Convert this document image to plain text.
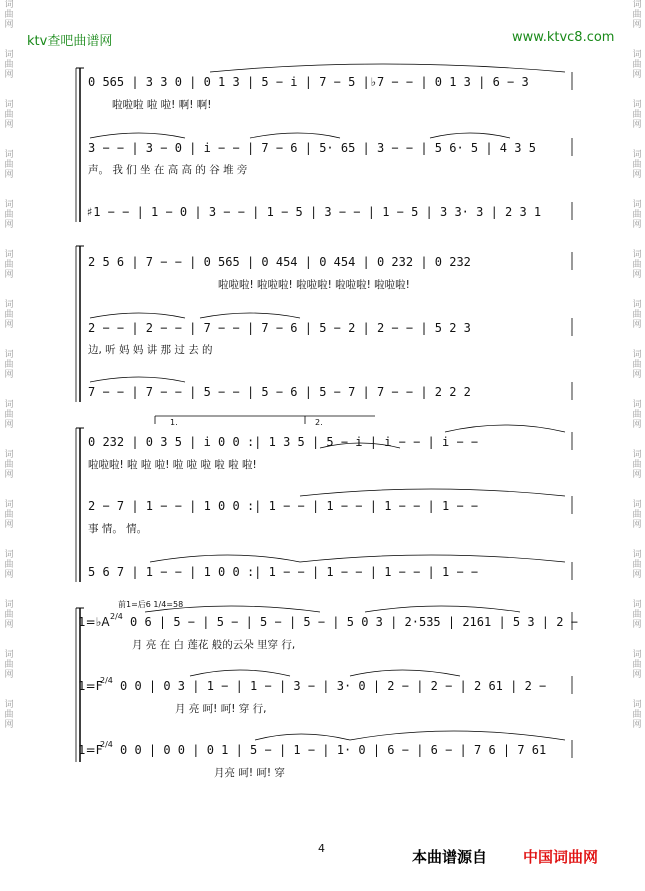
ktv查吧曲谱网	www.ktvc8.com
词
曲
网

词
曲
网

词
曲
网

词
曲
网

词
曲
网

词
曲
网

词
曲
网

词
曲
网

词
曲
网

词
曲
网

词
曲
网

词
曲
网

词
曲
网

词
曲
网

词
曲
网

词
曲
网

词
曲
网

词
曲
网

词
曲
网

词
曲
网

词
曲
网

词
曲
网

词
曲
网

词
曲
网

词
曲
网

词
曲
网

词
曲
网

词
曲
网

词
曲
网

词
曲
网

0 565 | 3 3 0 | 0 1 3 | 5 − i | 7 − 5 |♭7 − − | 0 1 3 | 6 − 3
啦啦啦 啦 啦! 啊! 啊!
3 − − | 3 − 0 | i − − | 7 − 6 | 5· 65 | 3 − − | 5 6· 5 | 4 3 5
声。 我 们 坐 在 高 高 的 谷 堆 旁
♯1 − − | 1 − 0 | 3 − − | 1 − 5 | 3 − − | 1 − 5 | 3 3· 3 | 2 3 1
2 5 6 | 7 − − | 0 565 | 0 454 | 0 454 | 0 232 | 0 232
啦啦啦! 啦啦啦! 啦啦啦! 啦啦啦! 啦啦啦!
2 − − | 2 − − | 7 − − | 7 − 6 | 5 − 2 | 2 − − | 5 2 3
边, 听 妈 妈 讲 那 过 去 的
7 − − | 7 − − | 5 − − | 5 − 6 | 5 − 7 | 7 − − | 2 2 2
1.	2.
0 232 | 0 3 5 | i 0 0 :| 1 3 5 | 5 − i | i − − | i − −
啦啦啦! 啦 啦 啦! 啦 啦 啦 啦 啦 啦!
2 − 7 | 1 − − | 1 0 0 :| 1 − − | 1 − − | 1 − − | 1 − −
事 情。 情。
5 6 7 | 1 − − | 1 0 0 :| 1 − − | 1 − − | 1 − − | 1 − −
前1=后6 1/4=58
1=♭A 2/4 0 6 | 5 − | 5 − | 5 − | 5 − | 5 0 3 | 2·535 | 2161 | 5 3 | 2 −
月 亮 在 白 莲花 般的云朵 里穿 行,
1=F
2/4 0 0 | 0 3 | 1 − | 1 − | 3 − | 3· 0 | 2 − | 2 − | 2 61 | 2 −
月 亮 呵! 呵! 穿 行,
1=F
2/4 0 0 | 0 0 | 0 1 | 5 − | 1 − | 1· 0 | 6 − | 6 − | 7 6 | 7 61
月亮 呵! 呵! 穿
4	本曲谱源自 中国词曲网
